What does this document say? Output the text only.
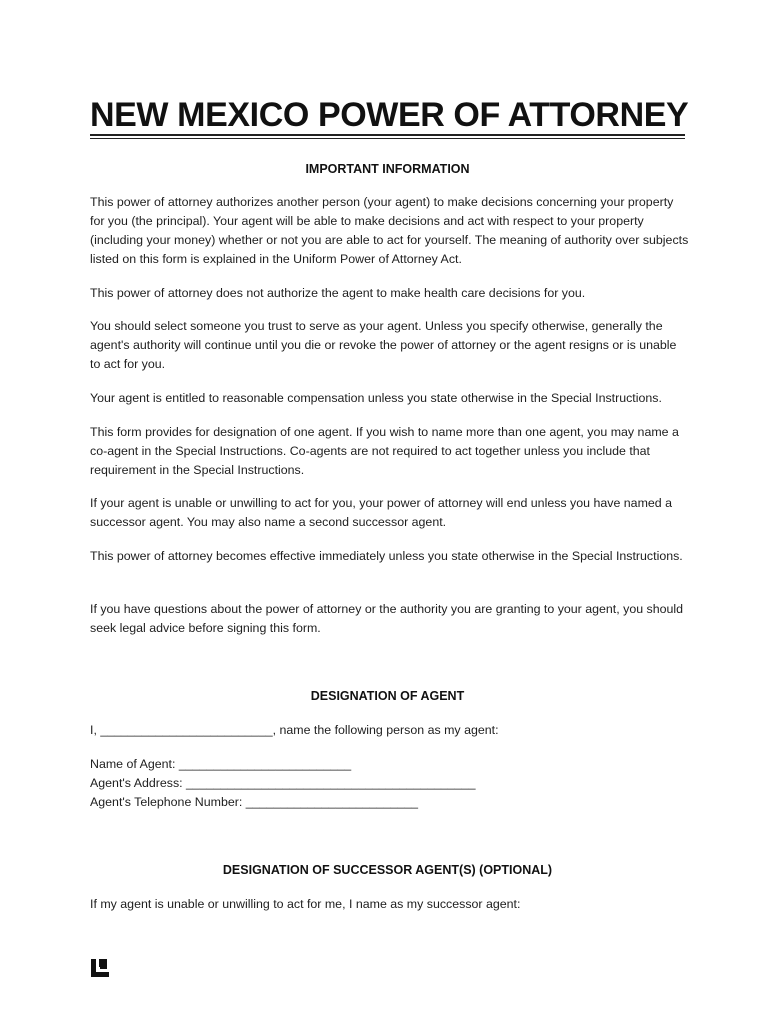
NEW MEXICO POWER OF ATTORNEY
IMPORTANT INFORMATION

This power of attorney authorizes another person (your agent) to make decisions concerning your property for you (the principal). Your agent will be able to make decisions and act with respect to your property (including your money) whether or not you are able to act for yourself. The meaning of authority over subjects listed on this form is explained in the Uniform Power of Attorney Act.

This power of attorney does not authorize the agent to make health care decisions for you.

You should select someone you trust to serve as your agent. Unless you specify otherwise, generally the agent's authority will continue until you die or revoke the power of attorney or the agent resigns or is unable to act for you.

Your agent is entitled to reasonable compensation unless you state otherwise in the Special Instructions.

This form provides for designation of one agent. If you wish to name more than one agent, you may name a co-agent in the Special Instructions. Co-agents are not required to act together unless you include that requirement in the Special Instructions.

If your agent is unable or unwilling to act for you, your power of attorney will end unless you have named a successor agent. You may also name a second successor agent.

This power of attorney becomes effective immediately unless you state otherwise in the Special Instructions.

If you have questions about the power of attorney or the authority you are granting to your agent, you should seek legal advice before signing this form.

DESIGNATION OF AGENT
I, _________________________, name the following person as my agent:
Name of Agent: _________________________
Agent's Address: __________________________________________
Agent's Telephone Number: _________________________
DESIGNATION OF SUCCESSOR AGENT(S) (OPTIONAL)
If my agent is unable or unwilling to act for me, I name as my successor agent:
